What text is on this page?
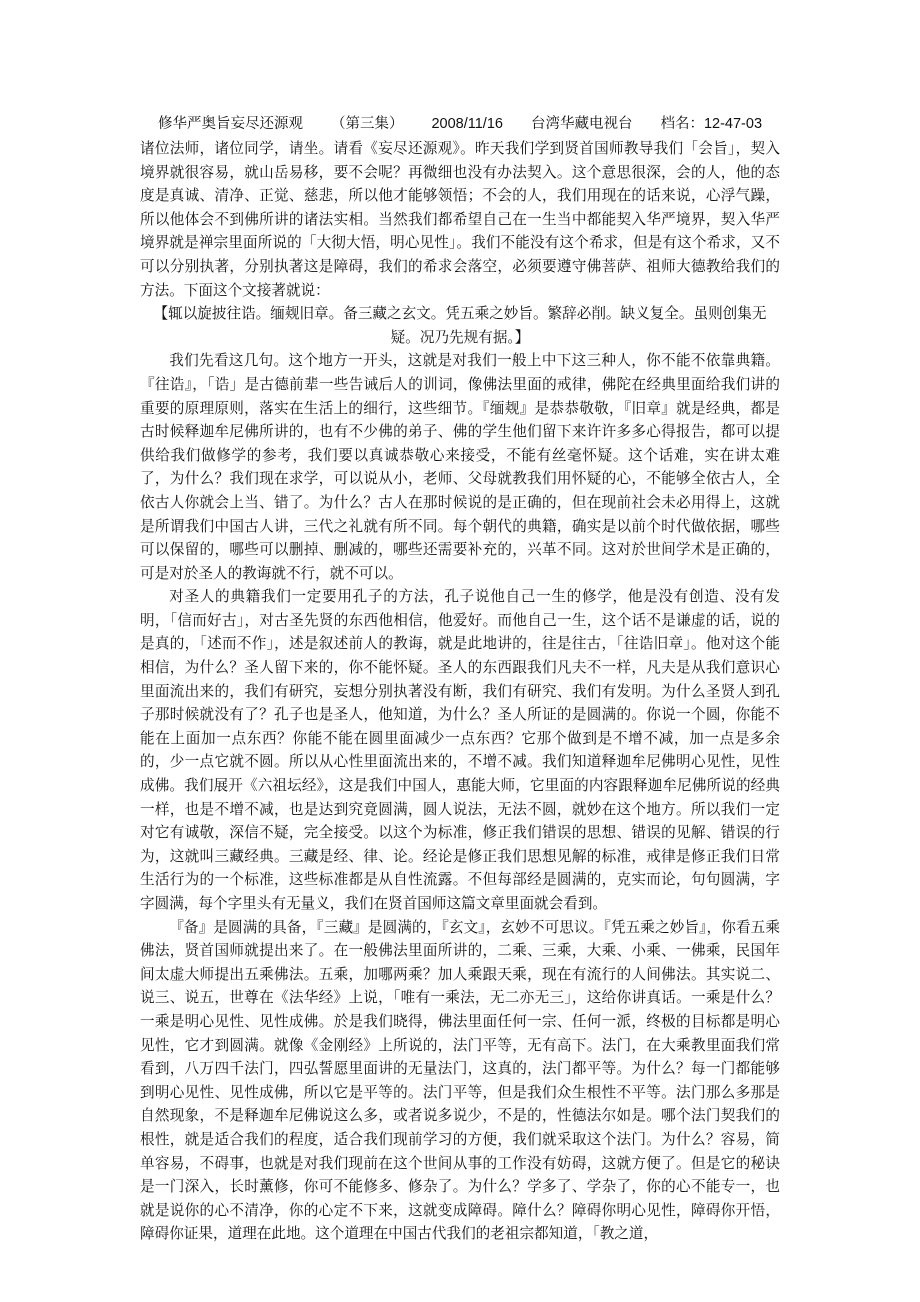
修华严奥旨妄尽还源观 （第三集） 2008/11/16 台湾华藏电视台 档名：12-47-03

诸位法师，诸位同学，请坐。请看《妄尽还源观》。昨天我们学到贤首国师教导我们「会旨」，契入境界就很容易，就山岳易移，要不会呢？再微细也没有办法契入。这个意思很深，会的人，他的态度是真诚、清净、正觉、慈悲，所以他才能够领悟；不会的人，我们用现在的话来说，心浮气躁，所以他体会不到佛所讲的诸法实相。当然我们都希望自己在一生当中都能契入华严境界，契入华严境界就是禅宗里面所说的「大彻大悟，明心见性」。我们不能没有这个希求，但是有这个希求，又不可以分别执著，分别执著这是障碍，我们的希求会落空，必须要遵守佛菩萨、祖师大德教给我们的方法。下面这个文接著就说：

【辄以旋披往诰。缅觌旧章。备三藏之玄文。凭五乘之妙旨。繁辞必削。缺义复全。虽则创集无疑。况乃先规有据。】

我们先看这几句。这个地方一开头，这就是对我们一般上中下这三种人，你不能不依靠典籍。『往诰』，「诰」是古德前辈一些告诫后人的训词，像佛法里面的戒律，佛陀在经典里面给我们讲的重要的原理原则，落实在生活上的细行，这些细节。『缅觌』是恭恭敬敬，『旧章』就是经典，都是古时候释迦牟尼佛所讲的，也有不少佛的弟子、佛的学生他们留下来许许多多心得报告，都可以提供给我们做修学的参考，我们要以真诚恭敬心来接受，不能有丝毫怀疑。这个话难，实在讲太难了，为什么？我们现在求学，可以说从小，老师、父母就教我们用怀疑的心，不能够全依古人，全依古人你就会上当、错了。为什么？古人在那时候说的是正确的，但在现前社会未必用得上，这就是所谓我们中国古人讲，三代之礼就有所不同。每个朝代的典籍，确实是以前个时代做依据，哪些可以保留的，哪些可以删掉、删减的，哪些还需要补充的，兴革不同。这对於世间学术是正确的，可是对於圣人的教诲就不行，就不可以。

对圣人的典籍我们一定要用孔子的方法，孔子说他自己一生的修学，他是没有创造、没有发明，「信而好古」，对古圣先贤的东西他相信，他爱好。而他自己一生，这个话不是谦虚的话，说的是真的，「述而不作」，述是叙述前人的教诲，就是此地讲的，往是往古，「往诰旧章」。他对这个能相信，为什么？圣人留下来的，你不能怀疑。圣人的东西跟我们凡夫不一样，凡夫是从我们意识心里面流出来的，我们有研究，妄想分别执著没有断，我们有研究、我们有发明。为什么圣贤人到孔子那时候就没有了？孔子也是圣人，他知道，为什么？圣人所证的是圆满的。你说一个圆，你能不能在上面加一点东西？你能不能在圆里面减少一点东西？它那个做到是不增不减，加一点是多余的，少一点它就不圆。所以从心性里面流出来的，不增不减。我们知道释迦牟尼佛明心见性，见性成佛。我们展开《六祖坛经》，这是我们中国人，惠能大师，它里面的内容跟释迦牟尼佛所说的经典一样，也是不增不减，也是达到究竟圆满，圆人说法，无法不圆，就妙在这个地方。所以我们一定对它有诚敬，深信不疑，完全接受。以这个为标准，修正我们错误的思想、错误的见解、错误的行为，这就叫三藏经典。三藏是经、律、论。经论是修正我们思想见解的标准，戒律是修正我们日常生活行为的一个标准，这些标准都是从自性流露。不但每部经是圆满的，克实而论，句句圆满，字字圆满，每个字里头有无量义，我们在贤首国师这篇文章里面就会看到。

『备』是圆满的具备，『三藏』是圆满的，『玄文』，玄妙不可思议。『凭五乘之妙旨』，你看五乘佛法，贤首国师就提出来了。在一般佛法里面所讲的，二乘、三乘，大乘、小乘、一佛乘，民国年间太虚大师提出五乘佛法。五乘，加哪两乘？加人乘跟天乘，现在有流行的人间佛法。其实说二、说三、说五，世尊在《法华经》上说，「唯有一乘法，无二亦无三」，这给你讲真话。一乘是什么？一乘是明心见性、见性成佛。於是我们晓得，佛法里面任何一宗、任何一派，终极的目标都是明心见性，它才到圆满。就像《金刚经》上所说的，法门平等，无有高下。法门，在大乘教里面我们常看到，八万四千法门，四弘誓愿里面讲的无量法门，这真的，法门都平等。为什么？每一门都能够到明心见性、见性成佛，所以它是平等的。法门平等，但是我们众生根性不平等。法门那么多那是自然现象，不是释迦牟尼佛说这么多，或者说多说少，不是的，性德法尔如是。哪个法门契我们的根性，就是适合我们的程度，适合我们现前学习的方便，我们就采取这个法门。为什么？容易，简单容易，不碍事，也就是对我们现前在这个世间从事的工作没有妨碍，这就方便了。但是它的秘诀是一门深入，长时薰修，你可不能修多、修杂了。为什么？学多了、学杂了，你的心不能专一，也就是说你的心不清净，你的心定不下来，这就变成障碍。障什么？障碍你明心见性，障碍你开悟，障碍你证果，道理在此地。这个道理在中国古代我们的老祖宗都知道，「教之道，
